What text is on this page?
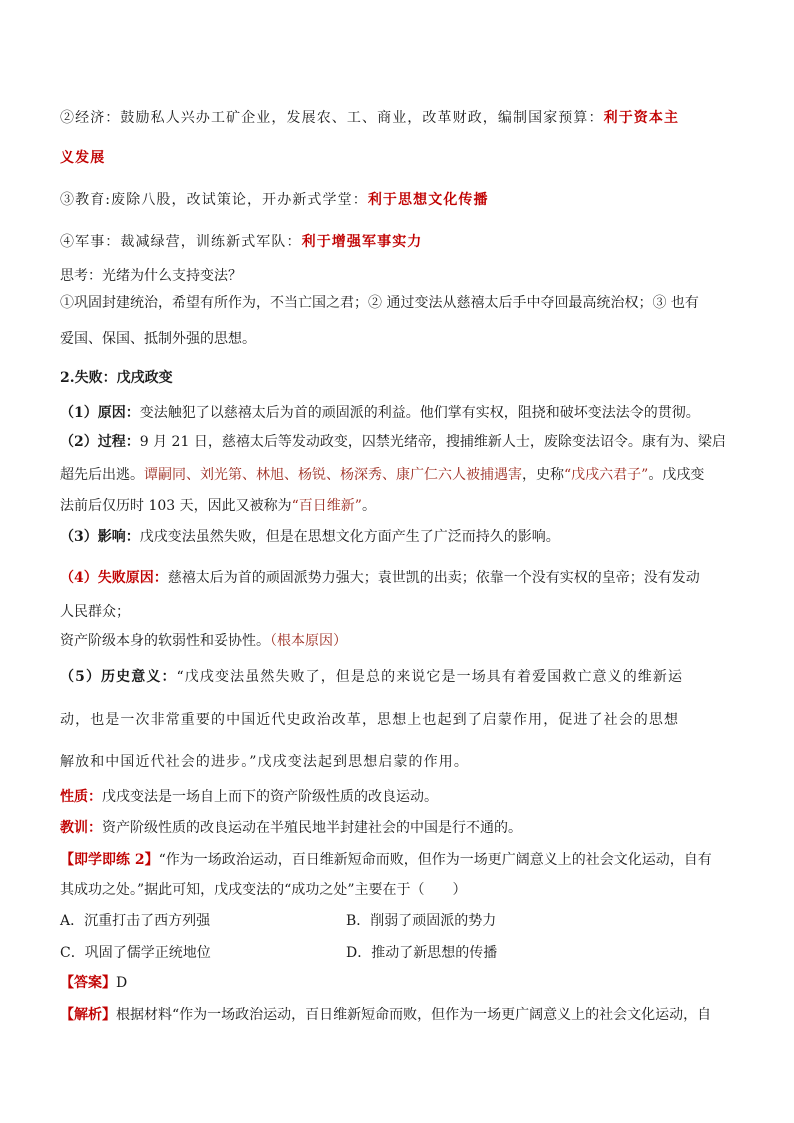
②经济：鼓励私人兴办工矿企业，发展农、工、商业，改革财政，编制国家预算：利于资本主
义发展
③教育:废除八股，改试策论，开办新式学堂：利于思想文化传播
④军事：裁减绿营，训练新式军队：利于增强军事实力
思考：光绪为什么支持变法？
①巩固封建统治，希望有所作为，不当亡国之君；② 通过变法从慈禧太后手中夺回最高统治权；③ 也有
爱国、保国、抵制外强的思想。
2.失败：戊戌政变
（1）原因：变法触犯了以慈禧太后为首的顽固派的利益。他们掌有实权，阻挠和破坏变法法令的贯彻。
（2）过程：9 月 21 日，慈禧太后等发动政变，囚禁光绪帝，搜捕维新人士，废除变法诏令。康有为、梁启
超先后出逃。谭嗣同、刘光第、林旭、杨锐、杨深秀、康广仁六人被捕遇害，史称“戊戌六君子”。戊戌变
法前后仅历时 103 天，因此又被称为“百日维新”。
（3）影响：戊戌变法虽然失败，但是在思想文化方面产生了广泛而持久的影响。
（4）失败原因：慈禧太后为首的顽固派势力强大；袁世凯的出卖；依靠一个没有实权的皇帝；没有发动
人民群众；
资产阶级本身的软弱性和妥协性。（根本原因）
（5）历史意义：“戊戌变法虽然失败了，但是总的来说它是一场具有着爱国救亡意义的维新运
动，也是一次非常重要的中国近代史政治改革，思想上也起到了启蒙作用，促进了社会的思想
解放和中国近代社会的进步。”戊戌变法起到思想启蒙的作用。
性质：戊戌变法是一场自上而下的资产阶级性质的改良运动。
教训：资产阶级性质的改良运动在半殖民地半封建社会的中国是行不通的。
【即学即练 2】“作为一场政治运动，百日维新短命而败，但作为一场更广阔意义上的社会文化运动，自有
其成功之处。”据此可知，戊戌变法的“成功之处”主要在于（　　）
A．沉重打击了西方列强	B．削弱了顽固派的势力
C．巩固了儒学正统地位	D．推动了新思想的传播
【答案】D
【解析】根据材料“作为一场政治运动，百日维新短命而败，但作为一场更广阔意义上的社会文化运动，自
